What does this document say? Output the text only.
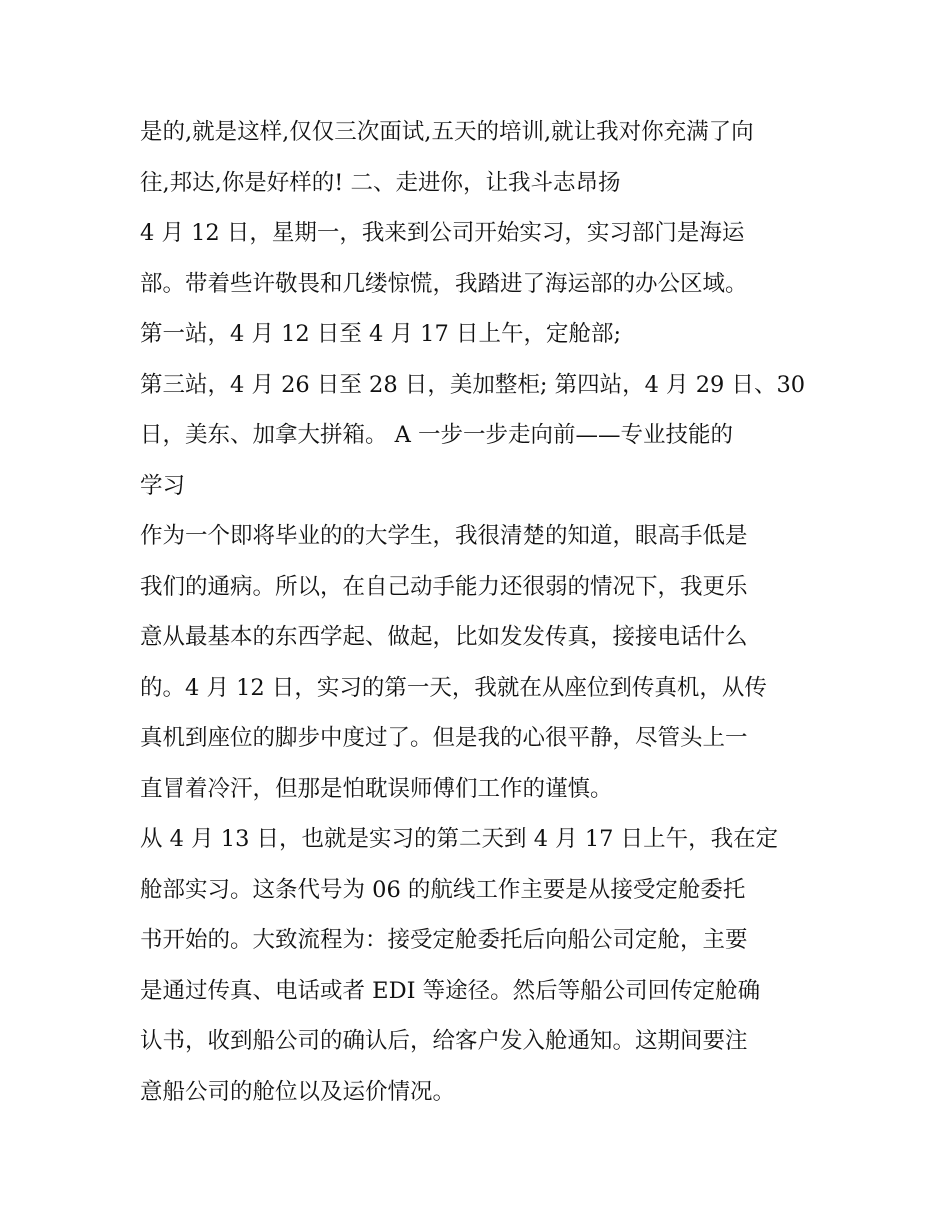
是的,就是这样,仅仅三次面试,五天的培训,就让我对你充满了向
往,邦达,你是好样的! 二、走进你，让我斗志昂扬
4 月 12 日，星期一，我来到公司开始实习，实习部门是海运
部。带着些许敬畏和几缕惊慌，我踏进了海运部的办公区域。
第一站，4 月 12 日至 4 月 17 日上午，定舱部;
第三站，4 月 26 日至 28 日，美加整柜; 第四站，4 月 29 日、30
日，美东、加拿大拼箱。 A 一步一步走向前——专业技能的
学习
作为一个即将毕业的的大学生，我很清楚的知道，眼高手低是
我们的通病。所以，在自己动手能力还很弱的情况下，我更乐
意从最基本的东西学起、做起，比如发发传真，接接电话什么
的。4 月 12 日，实习的第一天，我就在从座位到传真机，从传
真机到座位的脚步中度过了。但是我的心很平静，尽管头上一
直冒着冷汗，但那是怕耽误师傅们工作的谨慎。
从 4 月 13 日，也就是实习的第二天到 4 月 17 日上午，我在定
舱部实习。这条代号为 06 的航线工作主要是从接受定舱委托
书开始的。大致流程为：接受定舱委托后向船公司定舱，主要
是通过传真、电话或者 EDI 等途径。然后等船公司回传定舱确
认书，收到船公司的确认后，给客户发入舱通知。这期间要注
意船公司的舱位以及运价情况。
